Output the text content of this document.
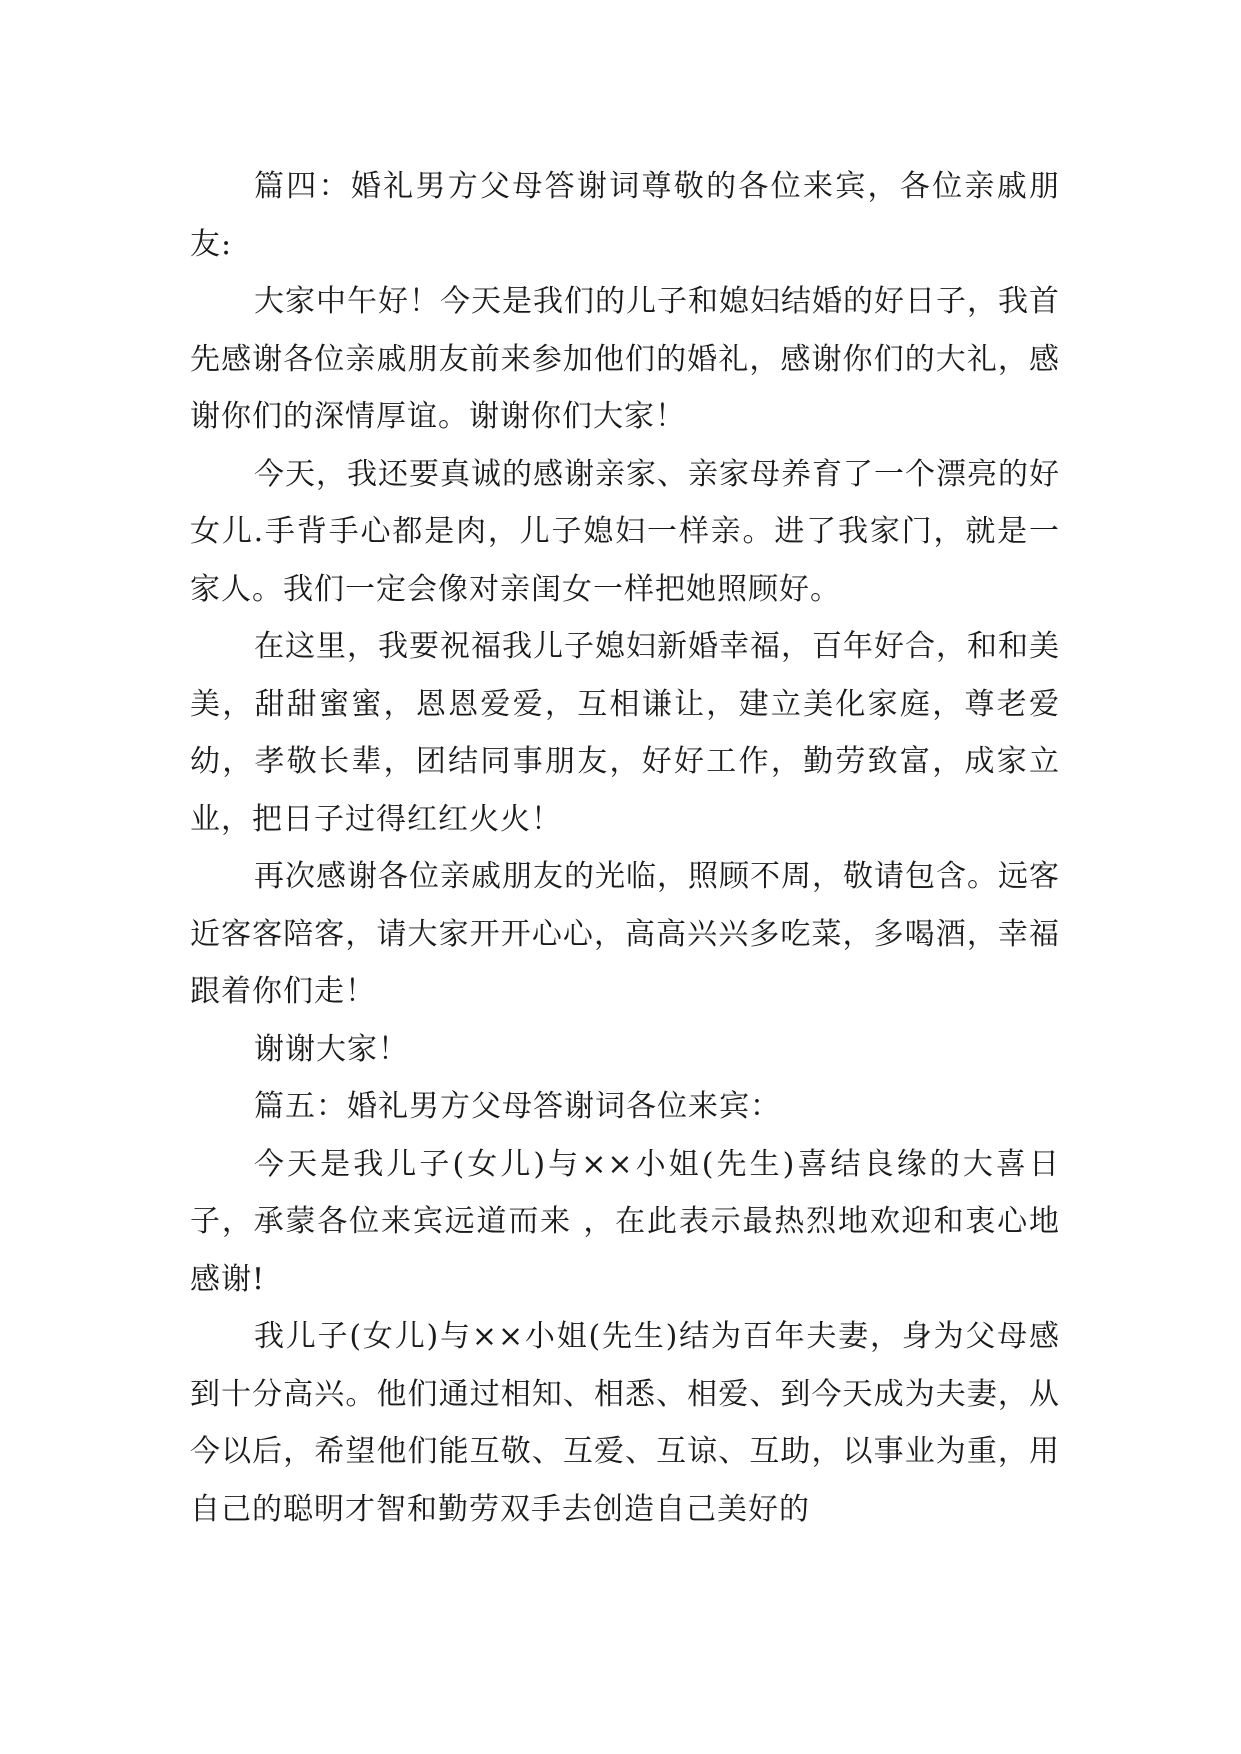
篇四：婚礼男方父母答谢词尊敬的各位来宾，各位亲戚朋友:

大家中午好！今天是我们的儿子和媳妇结婚的好日子，我首先感谢各位亲戚朋友前来参加他们的婚礼，感谢你们的大礼，感谢你们的深情厚谊。谢谢你们大家！

今天，我还要真诚的感谢亲家、亲家母养育了一个漂亮的好女儿.手背手心都是肉，儿子媳妇一样亲。进了我家门，就是一家人。我们一定会像对亲闺女一样把她照顾好。

在这里，我要祝福我儿子媳妇新婚幸福，百年好合，和和美美，甜甜蜜蜜，恩恩爱爱，互相谦让，建立美化家庭，尊老爱幼，孝敬长辈，团结同事朋友，好好工作，勤劳致富，成家立业，把日子过得红红火火！

再次感谢各位亲戚朋友的光临，照顾不周，敬请包含。远客近客客陪客，请大家开开心心，高高兴兴多吃菜，多喝酒，幸福跟着你们走！

谢谢大家！

篇五：婚礼男方父母答谢词各位来宾：

今天是我儿子(女儿)与××小姐(先生)喜结良缘的大喜日子，承蒙各位来宾远道而来 ，在此表示最热烈地欢迎和衷心地感谢!

我儿子(女儿)与××小姐(先生)结为百年夫妻，身为父母感到十分高兴。他们通过相知、相悉、相爱、到今天成为夫妻，从今以后，希望他们能互敬、互爱、互谅、互助，以事业为重，用自己的聪明才智和勤劳双手去创造自己美好的
